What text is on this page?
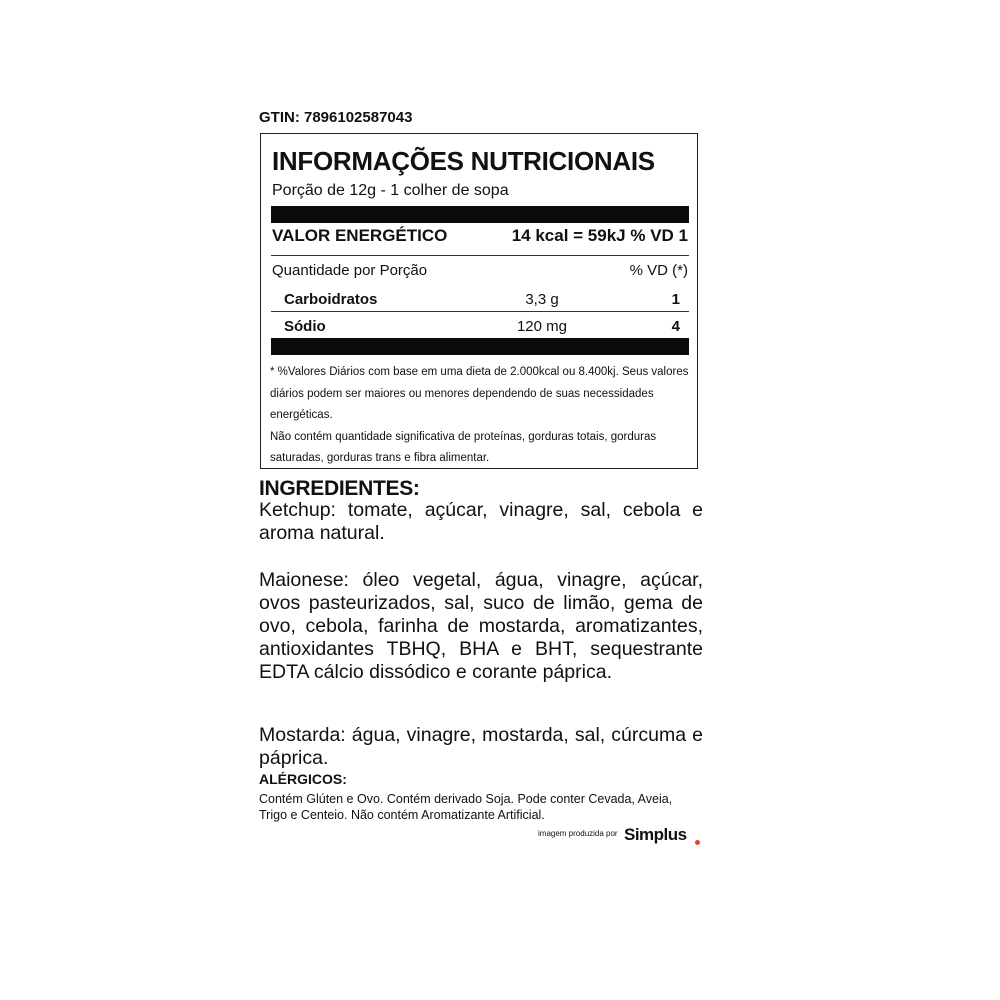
GTIN: 7896102587043
INFORMAÇÕES NUTRICIONAIS
Porção de 12g - 1 colher de sopa
VALOR ENERGÉTICO	14 kcal = 59kJ % VD 1
Quantidade por Porção	% VD (*)
Carboidratos	3,3 g	1
Sódio	120 mg	4
* %Valores Diários com base em uma dieta de 2.000kcal ou 8.400kj. Seus valores diários podem ser maiores ou menores dependendo de suas necessidades energéticas.
Não contém quantidade significativa de proteínas, gorduras totais, gorduras saturadas, gorduras trans e fibra alimentar.
INGREDIENTES:
Ketchup: tomate, açúcar, vinagre, sal, cebola e aroma natural.
Maionese: óleo vegetal, água, vinagre, açúcar, ovos pasteurizados, sal, suco de limão, gema de ovo, cebola, farinha de mostarda, aromatizantes, antioxidantes TBHQ, BHA e BHT, sequestrante EDTA cálcio dissódico e corante páprica.
Mostarda: água, vinagre, mostarda, sal, cúrcuma e páprica.
ALÉRGICOS:
Contém Glúten e Ovo. Contém derivado Soja. Pode conter Cevada, Aveia, Trigo e Centeio. Não contém Aromatizante Artificial.
imagem produzida por Simplus
